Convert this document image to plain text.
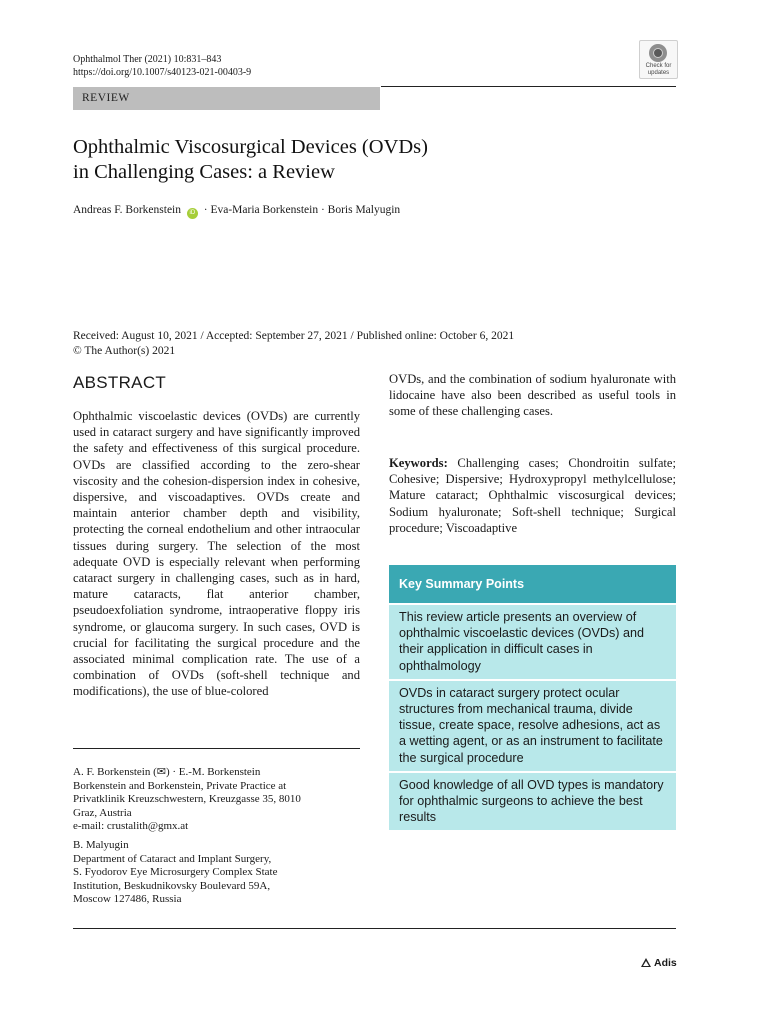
Ophthalmol Ther (2021) 10:831–843
https://doi.org/10.1007/s40123-021-00403-9
Check for
updates
REVIEW
Ophthalmic Viscosurgical Devices (OVDs)
in Challenging Cases: a Review
Andreas F. Borkenstein iD · Eva-Maria Borkenstein · Boris Malyugin
Received: August 10, 2021 / Accepted: September 27, 2021 / Published online: October 6, 2021
© The Author(s) 2021
ABSTRACT
Ophthalmic viscoelastic devices (OVDs) are currently used in cataract surgery and have significantly improved the safety and effectiveness of this surgical procedure. OVDs are classified according to the zero-shear viscosity and the cohesion-dispersion index in cohesive, dispersive, and viscoadaptives. OVDs create and maintain anterior chamber depth and visibility, protecting the corneal endothelium and other intraocular tissues during surgery. The selection of the most adequate OVD is especially relevant when performing cataract surgery in challenging cases, such as in hard, mature cataracts, flat anterior chamber, pseudoexfoliation syndrome, intraoperative floppy iris syndrome, or glaucoma surgery. In such cases, OVD is crucial for facilitating the surgical procedure and the associated minimal complication rate. The use of a combination of OVDs (soft-shell technique and modifications), the use of blue-colored
A. F. Borkenstein (✉) · E.-M. Borkenstein
Borkenstein and Borkenstein, Private Practice at
Privatklinik Kreuzschwestern, Kreuzgasse 35, 8010
Graz, Austria
e-mail: crustalith@gmx.at
B. Malyugin
Department of Cataract and Implant Surgery,
S. Fyodorov Eye Microsurgery Complex State
Institution, Beskudnikovsky Boulevard 59A,
Moscow 127486, Russia
OVDs, and the combination of sodium hyaluronate with lidocaine have also been described as useful tools in some of these challenging cases.
Keywords: Challenging cases; Chondroitin sulfate; Cohesive; Dispersive; Hydroxypropyl methylcellulose; Mature cataract; Ophthalmic viscosurgical devices; Sodium hyaluronate; Soft-shell technique; Surgical procedure; Viscoadaptive
Key Summary Points
This review article presents an overview of ophthalmic viscoelastic devices (OVDs) and their application in difficult cases in ophthalmology
OVDs in cataract surgery protect ocular structures from mechanical trauma, divide tissue, create space, resolve adhesions, act as a wetting agent, or as an instrument to facilitate the surgical procedure
Good knowledge of all OVD types is mandatory for ophthalmic surgeons to achieve the best results
Adis
